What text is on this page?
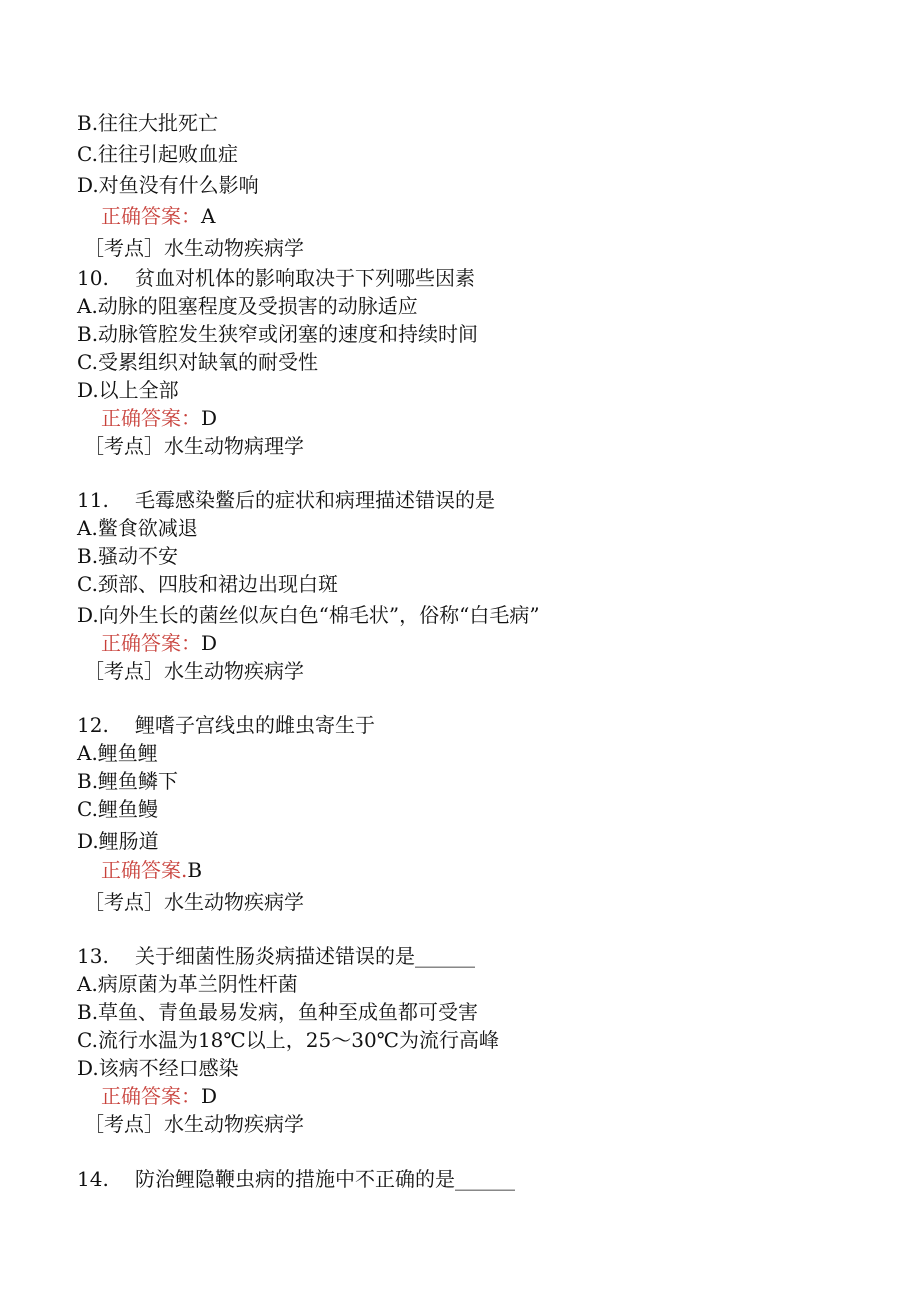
B.往往大批死亡
C.往往引起败血症
D.对鱼没有什么影响
正确答案：A
［考点］水生动物疾病学
10. 贫血对机体的影响取决于下列哪些因素
A.动脉的阻塞程度及受损害的动脉适应
B.动脉管腔发生狭窄或闭塞的速度和持续时间
C.受累组织对缺氧的耐受性
D.以上全部
正确答案：D
［考点］水生动物病理学
11. 毛霉感染鳖后的症状和病理描述错误的是
A.鳖食欲减退
B.骚动不安
C.颈部、四肢和裙边出现白斑
D.向外生长的菌丝似灰白色“棉毛状”，俗称“白毛病”
正确答案：D
［考点］水生动物疾病学
12. 鲤嗜子宫线虫的雌虫寄生于
A.鲤鱼鲤
B.鲤鱼鳞下
C.鲤鱼鳗
D.鲤肠道
正确答案.B
［考点］水生动物疾病学
13. 关于细菌性肠炎病描述错误的是______
A.病原菌为革兰阴性杆菌
B.草鱼、青鱼最易发病，鱼种至成鱼都可受害
C.流行水温为18℃以上，25～30℃为流行高峰
D.该病不经口感染
正确答案：D
［考点］水生动物疾病学
14. 防治鲤隐鞭虫病的措施中不正确的是______
